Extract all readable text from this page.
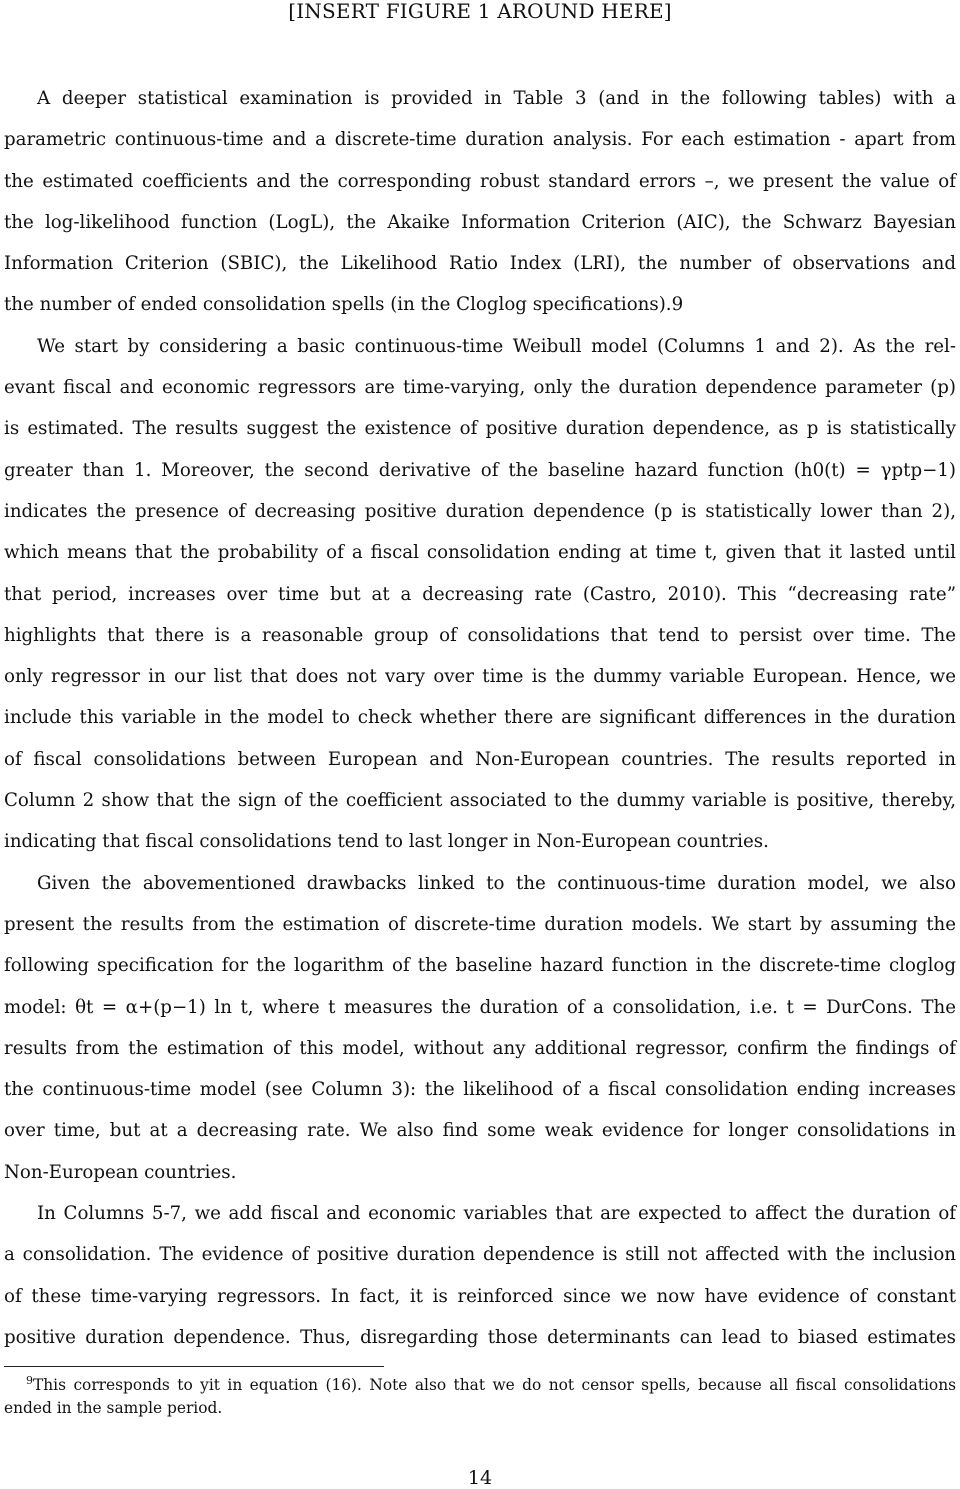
[INSERT FIGURE 1 AROUND HERE]

A deeper statistical examination is provided in Table 3 (and in the following tables) with a
parametric continuous-time and a discrete-time duration analysis. For each estimation - apart from
the estimated coefficients and the corresponding robust standard errors –, we present the value of
the log-likelihood function (LogL), the Akaike Information Criterion (AIC), the Schwarz Bayesian
Information Criterion (SBIC), the Likelihood Ratio Index (LRI), the number of observations and
the number of ended consolidation spells (in the Cloglog specifications).9

We start by considering a basic continuous-time Weibull model (Columns 1 and 2). As the rel-
evant fiscal and economic regressors are time-varying, only the duration dependence parameter (p)
is estimated. The results suggest the existence of positive duration dependence, as p is statistically
greater than 1. Moreover, the second derivative of the baseline hazard function (h0(t) = γptp−1)
indicates the presence of decreasing positive duration dependence (p is statistically lower than 2),
which means that the probability of a fiscal consolidation ending at time t, given that it lasted until
that period, increases over time but at a decreasing rate (Castro, 2010). This “decreasing rate”
highlights that there is a reasonable group of consolidations that tend to persist over time. The
only regressor in our list that does not vary over time is the dummy variable European. Hence, we
include this variable in the model to check whether there are significant differences in the duration
of fiscal consolidations between European and Non-European countries. The results reported in
Column 2 show that the sign of the coefficient associated to the dummy variable is positive, thereby,
indicating that fiscal consolidations tend to last longer in Non-European countries.

Given the abovementioned drawbacks linked to the continuous-time duration model, we also
present the results from the estimation of discrete-time duration models. We start by assuming the
following specification for the logarithm of the baseline hazard function in the discrete-time cloglog
model: θt = α+(p−1) ln t, where t measures the duration of a consolidation, i.e. t = DurCons. The
results from the estimation of this model, without any additional regressor, confirm the findings of
the continuous-time model (see Column 3): the likelihood of a fiscal consolidation ending increases
over time, but at a decreasing rate. We also find some weak evidence for longer consolidations in
Non-European countries.

In Columns 5-7, we add fiscal and economic variables that are expected to affect the duration of
a consolidation. The evidence of positive duration dependence is still not affected with the inclusion
of these time-varying regressors. In fact, it is reinforced since we now have evidence of constant
positive duration dependence. Thus, disregarding those determinants can lead to biased estimates

$^9$This corresponds to yit in equation (16). Note also that we do not censor spells, because all fiscal consolidations
ended in the sample period.
14
